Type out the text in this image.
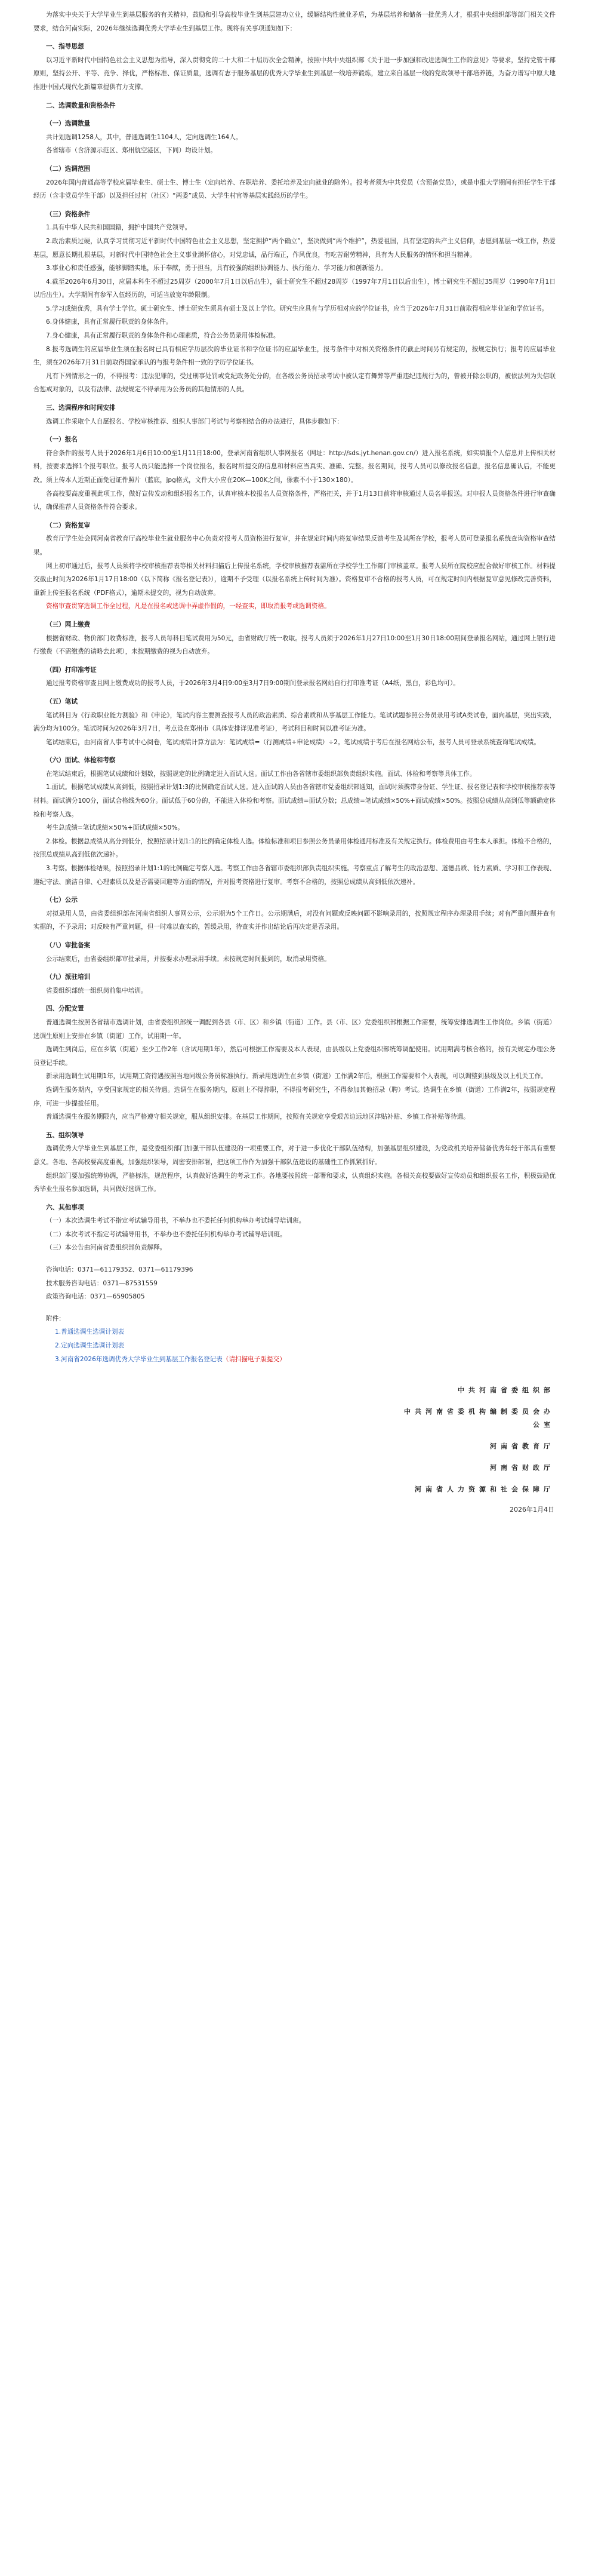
为落实中央关于大学毕业生到基层服务的有关精神，鼓励和引导高校毕业生到基层建功立业，缓解结构性就业矛盾，为基层培养和储备一批优秀人才，根据中央组织部等部门相关文件要求，结合河南实际，2026年继续选调优秀大学毕业生到基层工作。现将有关事项通知如下：

一、指导思想

以习近平新时代中国特色社会主义思想为指导，深入贯彻党的二十大和二十届历次全会精神，按照中共中央组织部《关于进一步加强和改进选调生工作的意见》等要求，坚持党管干部原则，坚持公开、平等、竞争、择优，严格标准、保证质量，选调有志于服务基层的优秀大学毕业生到基层一线培养锻炼，建立来自基层一线的党政领导干部培养链，为奋力谱写中原大地推进中国式现代化新篇章提供有力支撑。

二、选调数量和资格条件

（一）选调数量

共计划选调1258人，其中，普通选调生1104人，定向选调生164人。

各省辖市（含济源示范区、郑州航空港区，下同）均设计划。

（二）选调范围

2026年国内普通高等学校应届毕业生、硕士生、博士生（定向培养、在职培养、委托培养及定向就业的除外）。报考者须为中共党员（含预备党员），或是申报大学期间有担任学生干部经历（含非党员学生干部）以及担任过村（社区）“两委”成员、大学生村官等基层实践经历的学生。

（三）资格条件

1.具有中华人民共和国国籍，拥护中国共产党领导。

2.政治素质过硬，认真学习贯彻习近平新时代中国特色社会主义思想，坚定拥护“两个确立”，坚决做到“两个维护”，热爱祖国，具有坚定的共产主义信仰，志愿到基层一线工作，热爱基层，愿意长期扎根基层，对新时代中国特色社会主义事业满怀信心，对党忠诚，品行端正，作风优良，有吃苦耐劳精神，具有为人民服务的情怀和担当精神。

3.事业心和责任感强，能够脚踏实地，乐于奉献，勇于担当，具有较强的组织协调能力、执行能力、学习能力和创新能力。

4.截至2026年6月30日，应届本科生不超过25周岁（2000年7月1日以后出生），硕士研究生不超过28周岁（1997年7月1日以后出生），博士研究生不超过35周岁（1990年7月1日以后出生）。大学期间有参军入伍经历的，可适当放宽年龄限制。

5.学习成绩优秀，具有学士学位。硕士研究生、博士研究生须具有硕士及以上学位。研究生应具有与学历相对应的学位证书，应当于2026年7月31日前取得相应毕业证和学位证书。

6.身体健康，具有正常履行职责的身体条件。

7.身心健康，具有正常履行职责的身体条件和心理素质，符合公务员录用体检标准。

8.报考选调生的应届毕业生须在报名时已具有相应学历层次的毕业证书和学位证书的应届毕业生，报考条件中对相关资格条件的截止时间另有规定的，按规定执行；报考的应届毕业生，须在2026年7月31日前取得国家承认的与报考条件相一致的学历学位证书。

凡有下列情形之一的，不得报考：违法犯罪的，受过刑事处罚或党纪政务处分的，在各级公务员招录考试中被认定有舞弊等严重违纪违规行为的，曾被开除公职的，被依法列为失信联合惩戒对象的，以及有法律、法规规定不得录用为公务员的其他情形的人员。

三、选调程序和时间安排

选调工作采取个人自愿报名、学校审核推荐、组织人事部门考试与考察相结合的办法进行，具体步骤如下：

（一）报名

符合条件的报考人员于2026年1月6日10:00至1月11日18:00，登录河南省组织人事网报名（网址：http://sds.jyt.henan.gov.cn/）进入报名系统，如实填报个人信息并上传相关材料，按要求选择1个报考职位。报考人员只能选择一个岗位报名，报名时所提交的信息和材料应当真实、准确、完整。报名期间，报考人员可以修改报名信息，报名信息确认后，不能更改。须上传本人近期正面免冠证件照片（蓝底，jpg格式，文件大小应在20K—100K之间，像素不小于130×180）。

各高校要高度重视此项工作，做好宣传发动和组织报名工作，认真审核本校报名人员资格条件，严格把关，并于1月13日前将审核通过人员名单报送。对申报人员资格条件进行审查确认，确保推荐人员资格条件符合要求。

（二）资格复审

教育厅学生处会同河南省教育厅高校毕业生就业服务中心负责对报考人员资格进行复审，并在规定时间内将复审结果反馈考生及其所在学校，报考人员可登录报名系统查询资格审查结果。

网上初审通过后，报考人员须将学校审核推荐表等相关材料扫描后上传报名系统，学校审核推荐表需所在学校学生工作部门审核盖章。报考人员所在院校应配合做好审核工作。材料提交截止时间为2026年1月17日18:00（以下简称《报名登记表》），逾期不予受理（以报名系统上传时间为准）。资格复审不合格的报考人员，可在规定时间内根据复审意见修改完善资料，重新上传至报名系统（PDF格式），逾期未提交的，视为自动放弃。

资格审查贯穿选调工作全过程，凡是在报名或选调中弄虚作假的，一经查实，即取消报考或选调资格。

（三）网上缴费

根据省财政、物价部门收费标准，报考人员每科目笔试费用为50元，由省财政厅统一收取。报考人员须于2026年1月27日10:00至1月30日18:00期间登录报名网站，通过网上银行进行缴费（不需缴费的请略去此项），未按期缴费的视为自动放弃。

（四）打印准考证

通过报考资格审查且网上缴费成功的报考人员，于2026年3月4日9:00至3月7日9:00期间登录报名网站自行打印准考证（A4纸，黑白，彩色均可）。

（五）笔试

笔试科目为《行政职业能力测验》和《申论》，笔试内容主要测查报考人员的政治素质、综合素质和从事基层工作能力。笔试试题参照公务员录用考试A类试卷，面向基层，突出实践，满分均为100分。笔试时间为2026年3月7日，考点设在郑州市（具体安排详见准考证），考试科目和时间以准考证为准。

笔试结束后，由河南省人事考试中心阅卷，笔试成绩计算方法为：笔试成绩=（行测成绩+申论成绩）÷2。笔试成绩于考后在报名网站公布，报考人员可登录系统查询笔试成绩。

（六）面试、体检和考察

在笔试结束后，根据笔试成绩和计划数，按照规定的比例确定进入面试人选。面试工作由各省辖市委组织部负责组织实施。面试、体检和考察等具体工作。

1.面试。根据笔试成绩从高到低，按照招录计划1:3的比例确定面试人选。进入面试的人员由各省辖市党委组织部通知，面试时须携带身份证、学生证、报名登记表和学校审核推荐表等材料。面试满分100分，面试合格线为60分。面试低于60分的，不能进入体检和考察。面试成绩=面试分数；总成绩=笔试成绩×50%+面试成绩×50%。按照总成绩从高到低等额确定体检和考察人选。

考生总成绩=笔试成绩×50%+面试成绩×50%。

2.体检。根据总成绩从高分到低分，按照招录计划1:1的比例确定体检人选。体检标准和项目参照公务员录用体检通用标准及有关规定执行。体检费用由考生本人承担。体检不合格的，按照总成绩从高到低依次递补。

3.考察。根据体检结果，按照招录计划1:1的比例确定考察人选。考察工作由各省辖市委组织部负责组织实施。考察重点了解考生的政治思想、道德品质、能力素质、学习和工作表现、遵纪守法、廉洁自律、心理素质以及是否需要回避等方面的情况，并对报考资格进行复审。考察不合格的，按照总成绩从高到低依次递补。

（七）公示

对拟录用人员，由省委组织部在河南省组织人事网公示，公示期为5个工作日。公示期满后，对没有问题或反映问题不影响录用的，按照规定程序办理录用手续；对有严重问题并查有实据的，不予录用；对反映有严重问题，但一时难以查实的，暂缓录用，待查实并作出结论后再决定是否录用。

（八）审批备案

公示结束后，由省委组织部审批录用，并按要求办理录用手续。未按规定时间报到的，取消录用资格。

（九）派驻培训

省委组织部统一组织岗前集中培训。

四、分配安置

普通选调生按照各省辖市选调计划，由省委组织部统一调配到各县（市、区）和乡镇（街道）工作。县（市、区）党委组织部根据工作需要，统筹安排选调生工作岗位。乡镇（街道）选调生原则上安排在乡镇（街道）工作，试用期一年。

选调生到岗后，应在乡镇（街道）至少工作2年（含试用期1年），然后可根据工作需要及本人表现，由县级以上党委组织部统筹调配使用。试用期满考核合格的，按有关规定办理公务员登记手续。

新录用选调生试用期1年，试用期工资待遇按照当地同级公务员标准执行。新录用选调生在乡镇（街道）工作满2年后，根据工作需要和个人表现，可以调整到县级及以上机关工作。

选调生服务期内，享受国家规定的相关待遇。选调生在服务期内，原则上不得辞职，不得报考研究生，不得参加其他招录（聘）考试。选调生在乡镇（街道）工作满2年，按照规定程序，可进一步提拔任用。

普通选调生在服务期限内，应当严格遵守相关规定，服从组织安排。在基层工作期间，按照有关规定享受艰苦边远地区津贴补贴、乡镇工作补贴等待遇。

五、组织领导

选调优秀大学毕业生到基层工作，是党委组织部门加强干部队伍建设的一项重要工作，对于进一步优化干部队伍结构，加强基层组织建设，为党政机关培养储备优秀年轻干部具有重要意义。各地、各高校要高度重视，加强组织领导，周密安排部署，把这项工作作为加强干部队伍建设的基础性工作抓紧抓好。

组织部门要加强统筹协调，严格标准，规范程序，认真做好选调生的考录工作。各地要按照统一部署和要求，认真组织实施。各相关高校要做好宣传动员和组织报名工作，积极鼓励优秀毕业生报名参加选调，共同做好选调工作。

六、其他事项

（一）本次选调生考试不指定考试辅导用书，不举办也不委托任何机构举办考试辅导培训班。

（二）本次考试不指定考试辅导用书，不举办也不委托任何机构举办考试辅导培训班。

（三）本公告由河南省委组织部负责解释。

咨询电话：0371—61179352、0371—61179396

技术服务咨询电话：0371—87531559

政策咨询电话：0371—65905805

附件：

1.普通选调生选调计划表

2.定向选调生选调计划表

3.河南省2026年选调优秀大学毕业生到基层工作报名登记表（请扫描电子版提交）

中共河南省委组织部

中共河南省委机构编制委员会办公室

河南省教育厅

河南省财政厅

河南省人力资源和社会保障厅

2026年1月4日
